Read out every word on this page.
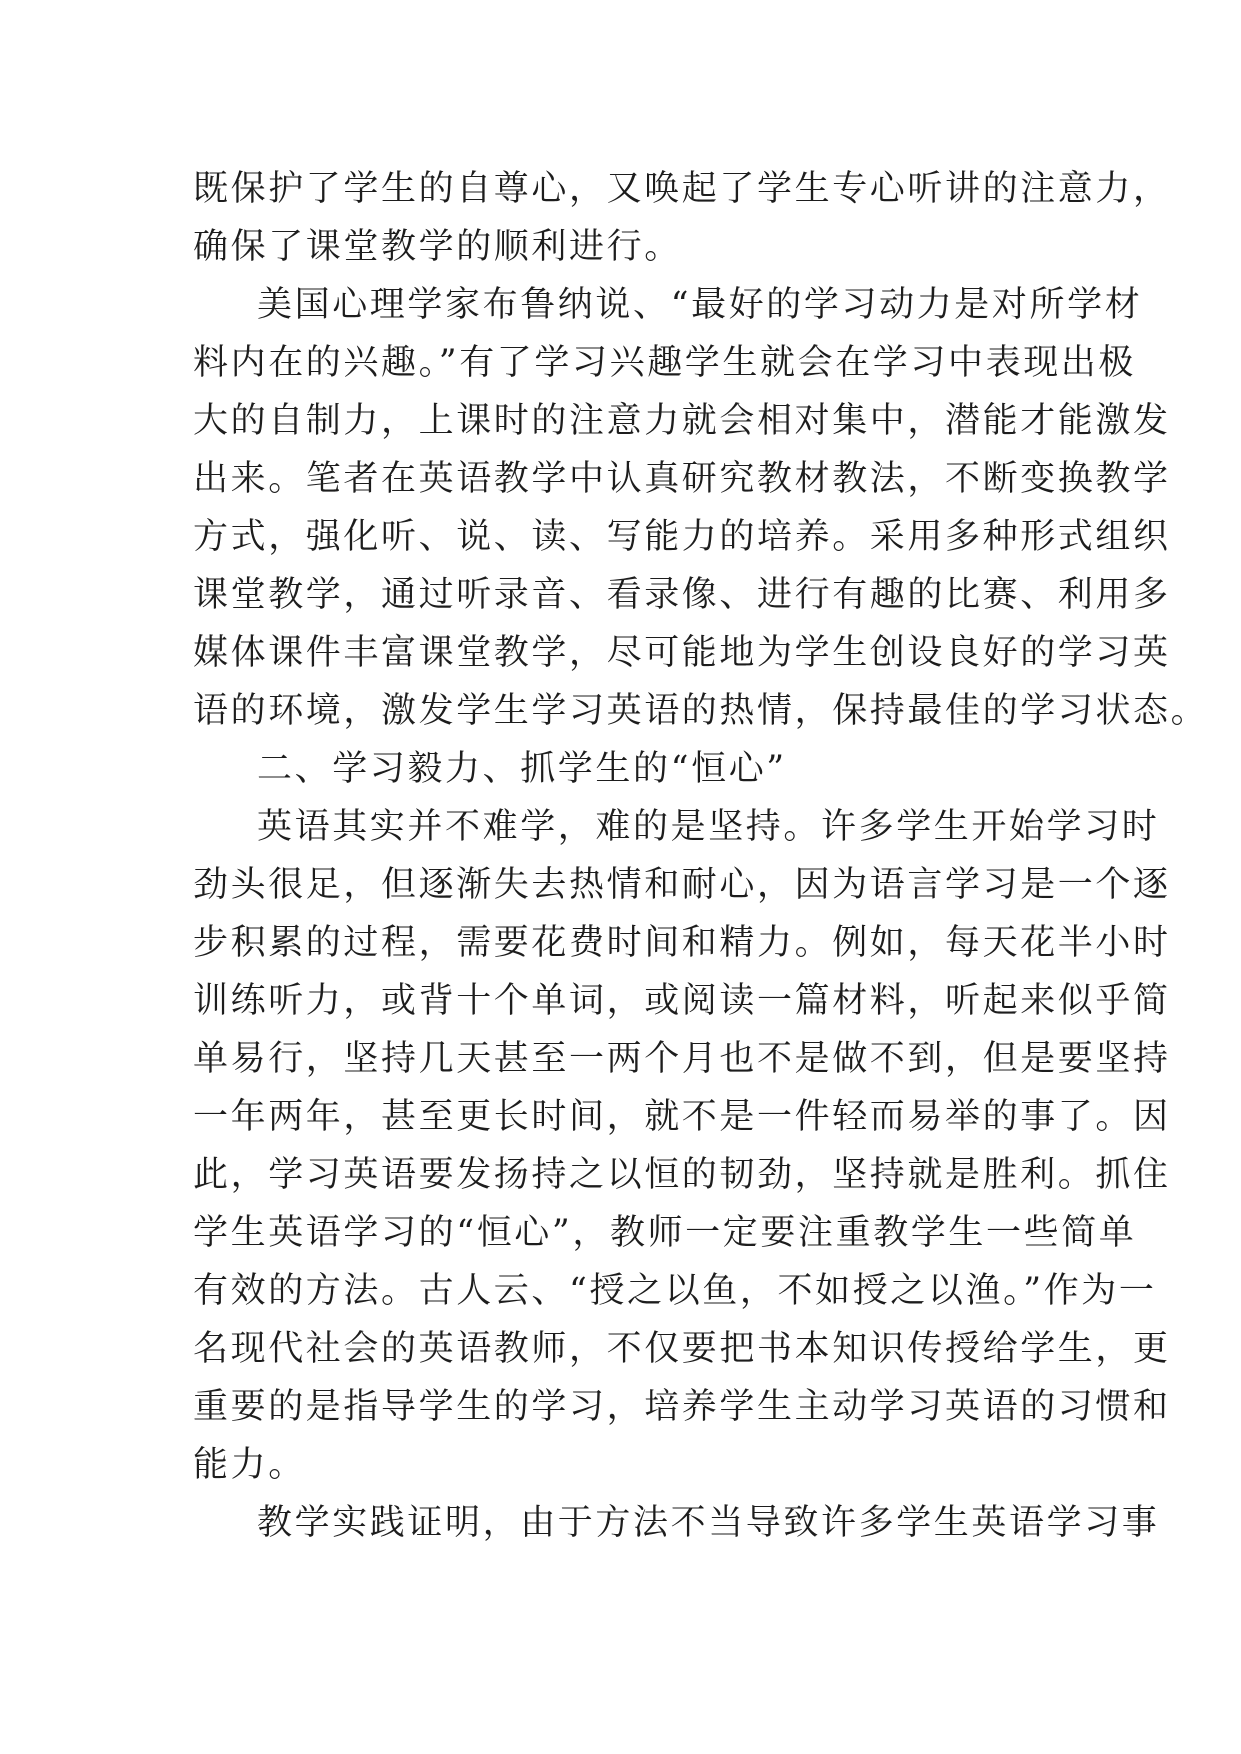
既保护了学生的自尊心，又唤起了学生专心听讲的注意力，
确保了课堂教学的顺利进行。
美国心理学家布鲁纳说、“最好的学习动力是对所学材
料内在的兴趣。”有了学习兴趣学生就会在学习中表现出极
大的自制力，上课时的注意力就会相对集中，潜能才能激发
出来。笔者在英语教学中认真研究教材教法，不断变换教学
方式，强化听、说、读、写能力的培养。采用多种形式组织
课堂教学，通过听录音、看录像、进行有趣的比赛、利用多
媒体课件丰富课堂教学，尽可能地为学生创设良好的学习英
语的环境，激发学生学习英语的热情，保持最佳的学习状态。
二、学习毅力、抓学生的“恒心”
英语其实并不难学，难的是坚持。许多学生开始学习时
劲头很足，但逐渐失去热情和耐心，因为语言学习是一个逐
步积累的过程，需要花费时间和精力。例如，每天花半小时
训练听力，或背十个单词，或阅读一篇材料，听起来似乎简
单易行，坚持几天甚至一两个月也不是做不到，但是要坚持
一年两年，甚至更长时间，就不是一件轻而易举的事了。因
此，学习英语要发扬持之以恒的韧劲，坚持就是胜利。抓住
学生英语学习的“恒心”，教师一定要注重教学生一些简单
有效的方法。古人云、“授之以鱼，不如授之以渔。”作为一
名现代社会的英语教师，不仅要把书本知识传授给学生，更
重要的是指导学生的学习，培养学生主动学习英语的习惯和
能力。
教学实践证明，由于方法不当导致许多学生英语学习事
